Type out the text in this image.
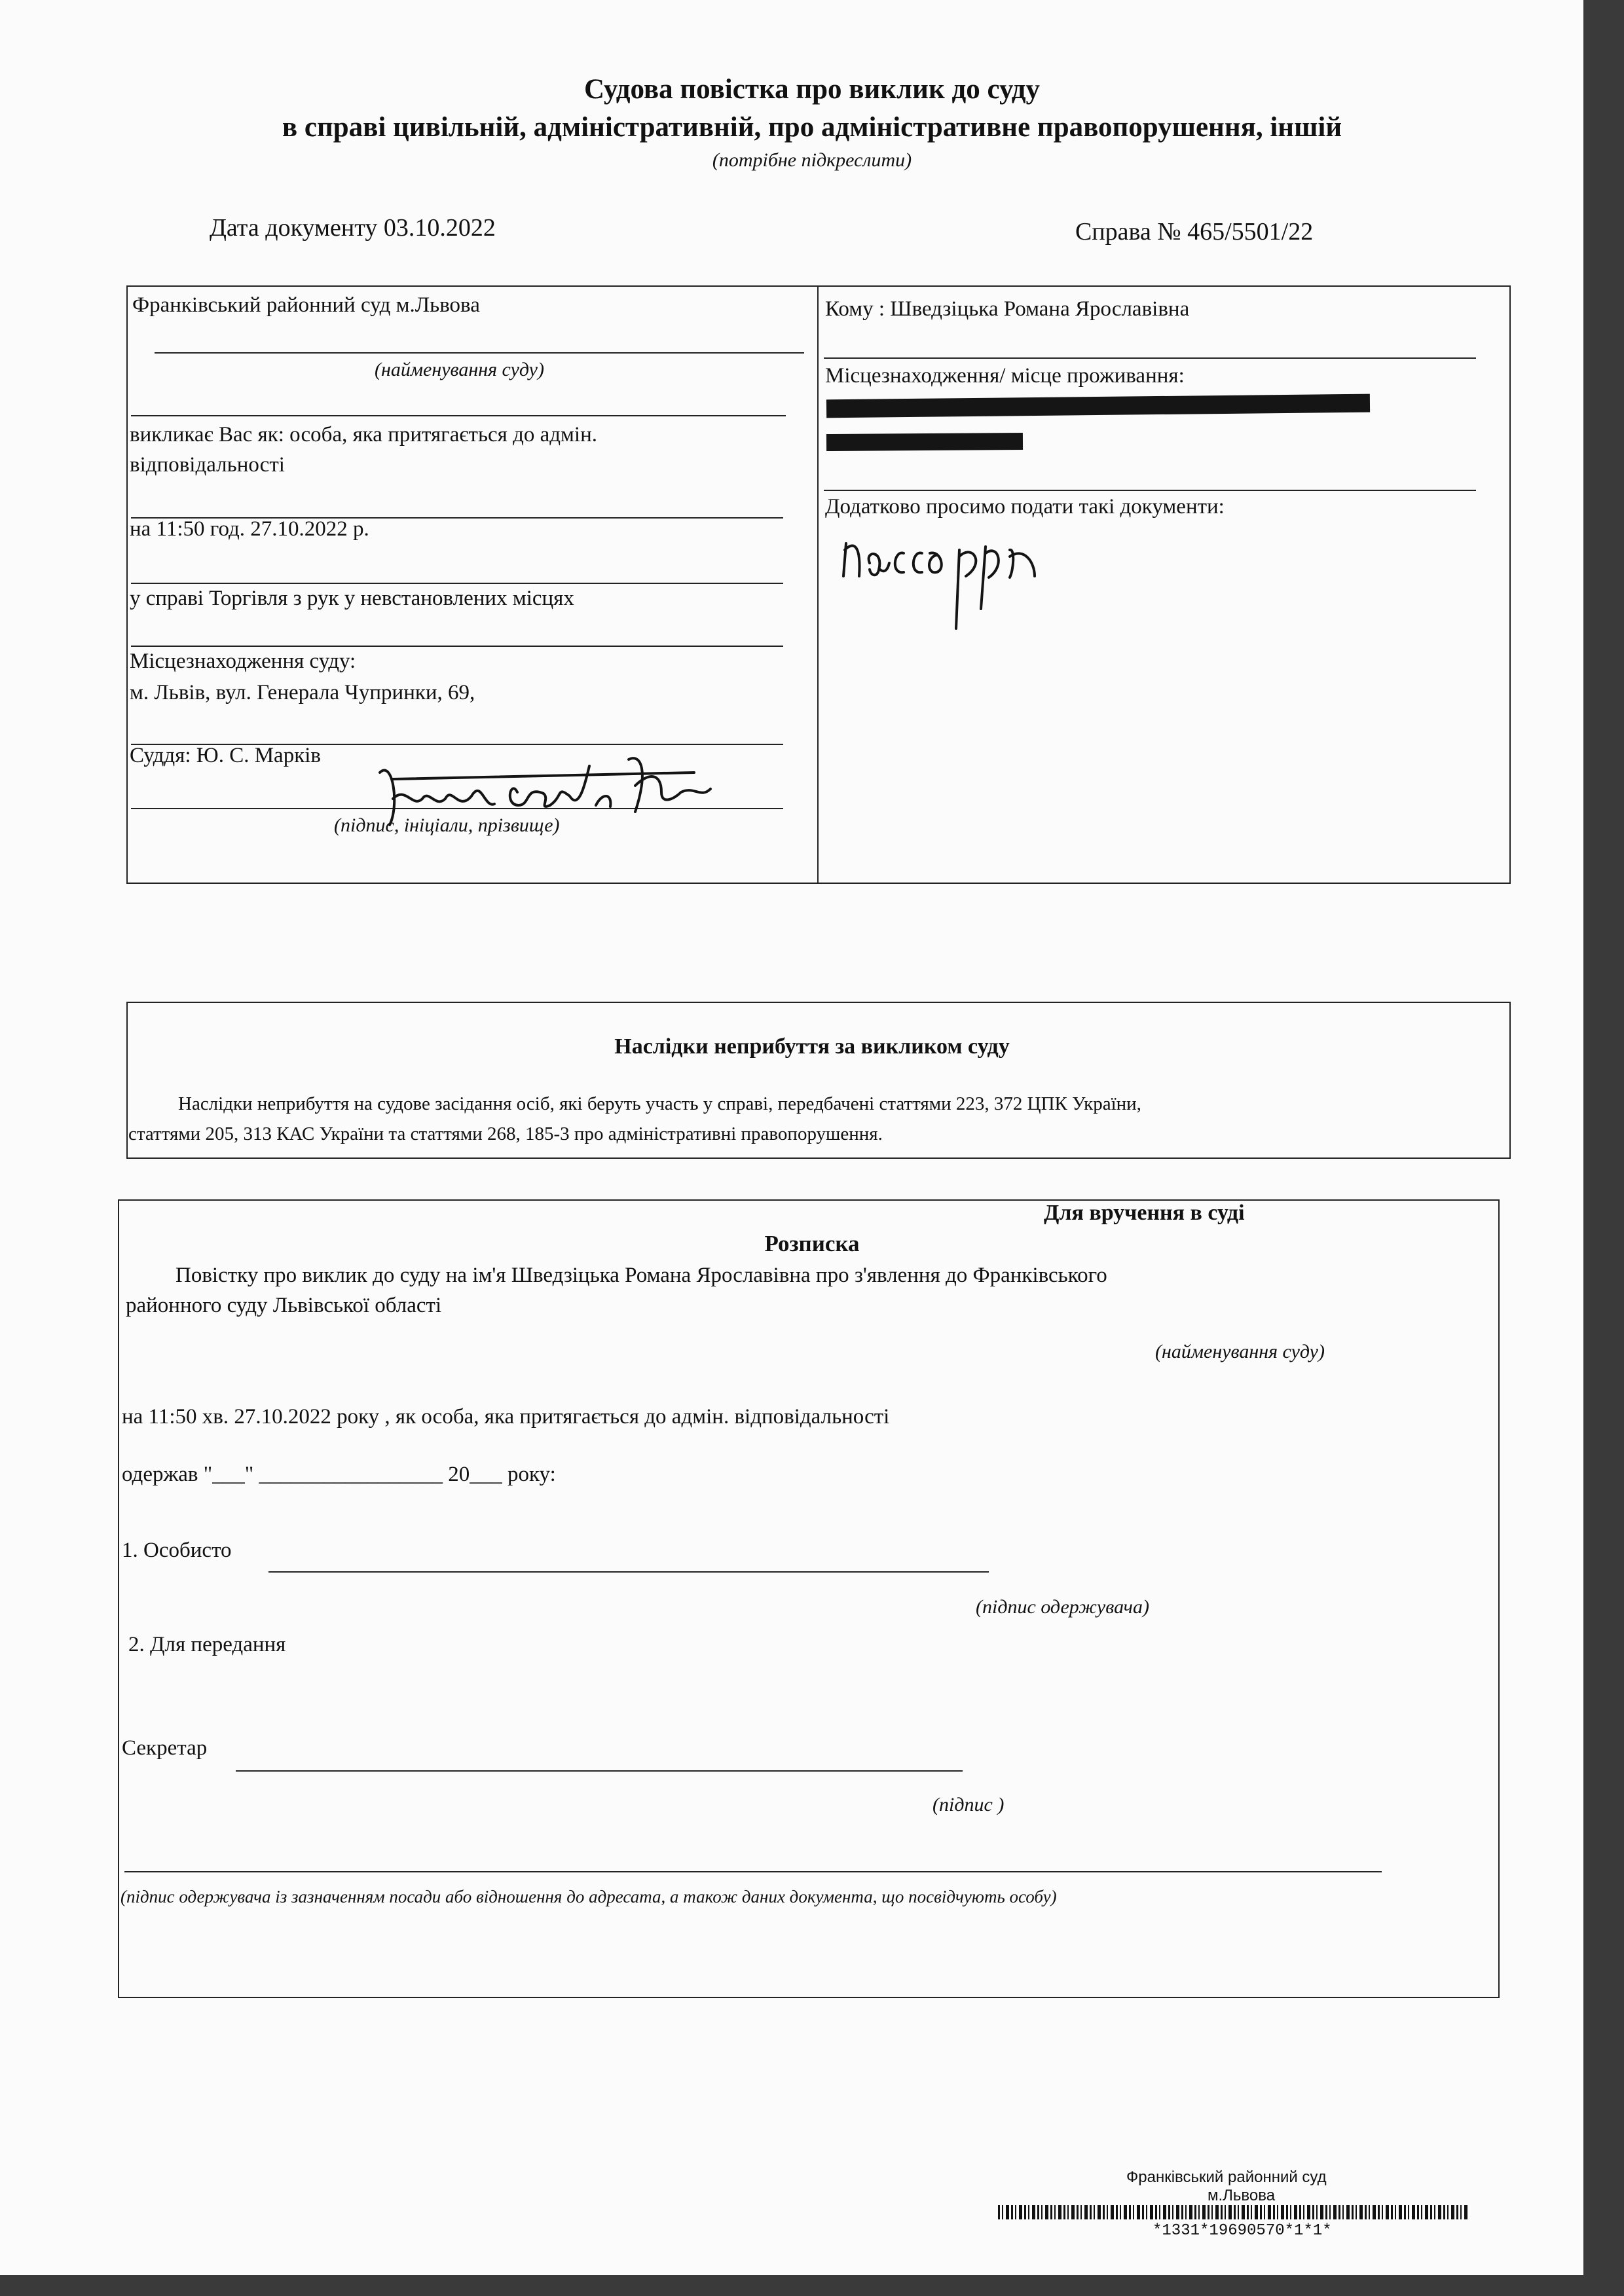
Судова повістка про виклик до суду
в справі цивільній, адміністративній, про адміністративне правопорушення, іншій
(потрібне підкреслити)
Дата документу 03.10.2022	Справа № 465/5501/22
Франківський районний суд м.Львова
(найменування суду)
викликає Вас як: особа, яка притягається до адмін.
відповідальності
на 11:50 год. 27.10.2022 р.
у справі Торгівля з рук у невстановлених місцях
Місцезнаходження суду:
м. Львів, вул. Генерала Чупринки, 69,
Суддя: Ю. С. Марків
(підпис, ініціали, прізвище)
Кому : Шведзіцька Романа Ярославівна
Місцезнаходження/ місце проживання:
Додатково просимо подати такі документи:
Наслідки неприбуття за викликом суду
Наслідки неприбуття на судове засідання осіб, які беруть участь у справі, передбачені статтями 223, 372 ЦПК України,
статтями 205, 313 КАС України та статтями 268, 185-3 про адміністративні правопорушення.
Для вручення в суді
Розписка
Повістку про виклик до суду на ім'я Шведзіцька Романа Ярославівна про з'явлення до Франківського
районного суду Львівської області
(найменування суду)
на 11:50 хв. 27.10.2022 року , як особа, яка притягається до адмін. відповідальності
одержав "___" _________________ 20___ року:
1. Особисто
(підпис одержувача)
2. Для передання
Секретар
(підпис )
(підпис одержувача із зазначенням посади або відношення до адресата, а також даних документа, що посвідчують особу)
Франківський районний суд
м.Львова
*1331*19690570*1*1*
